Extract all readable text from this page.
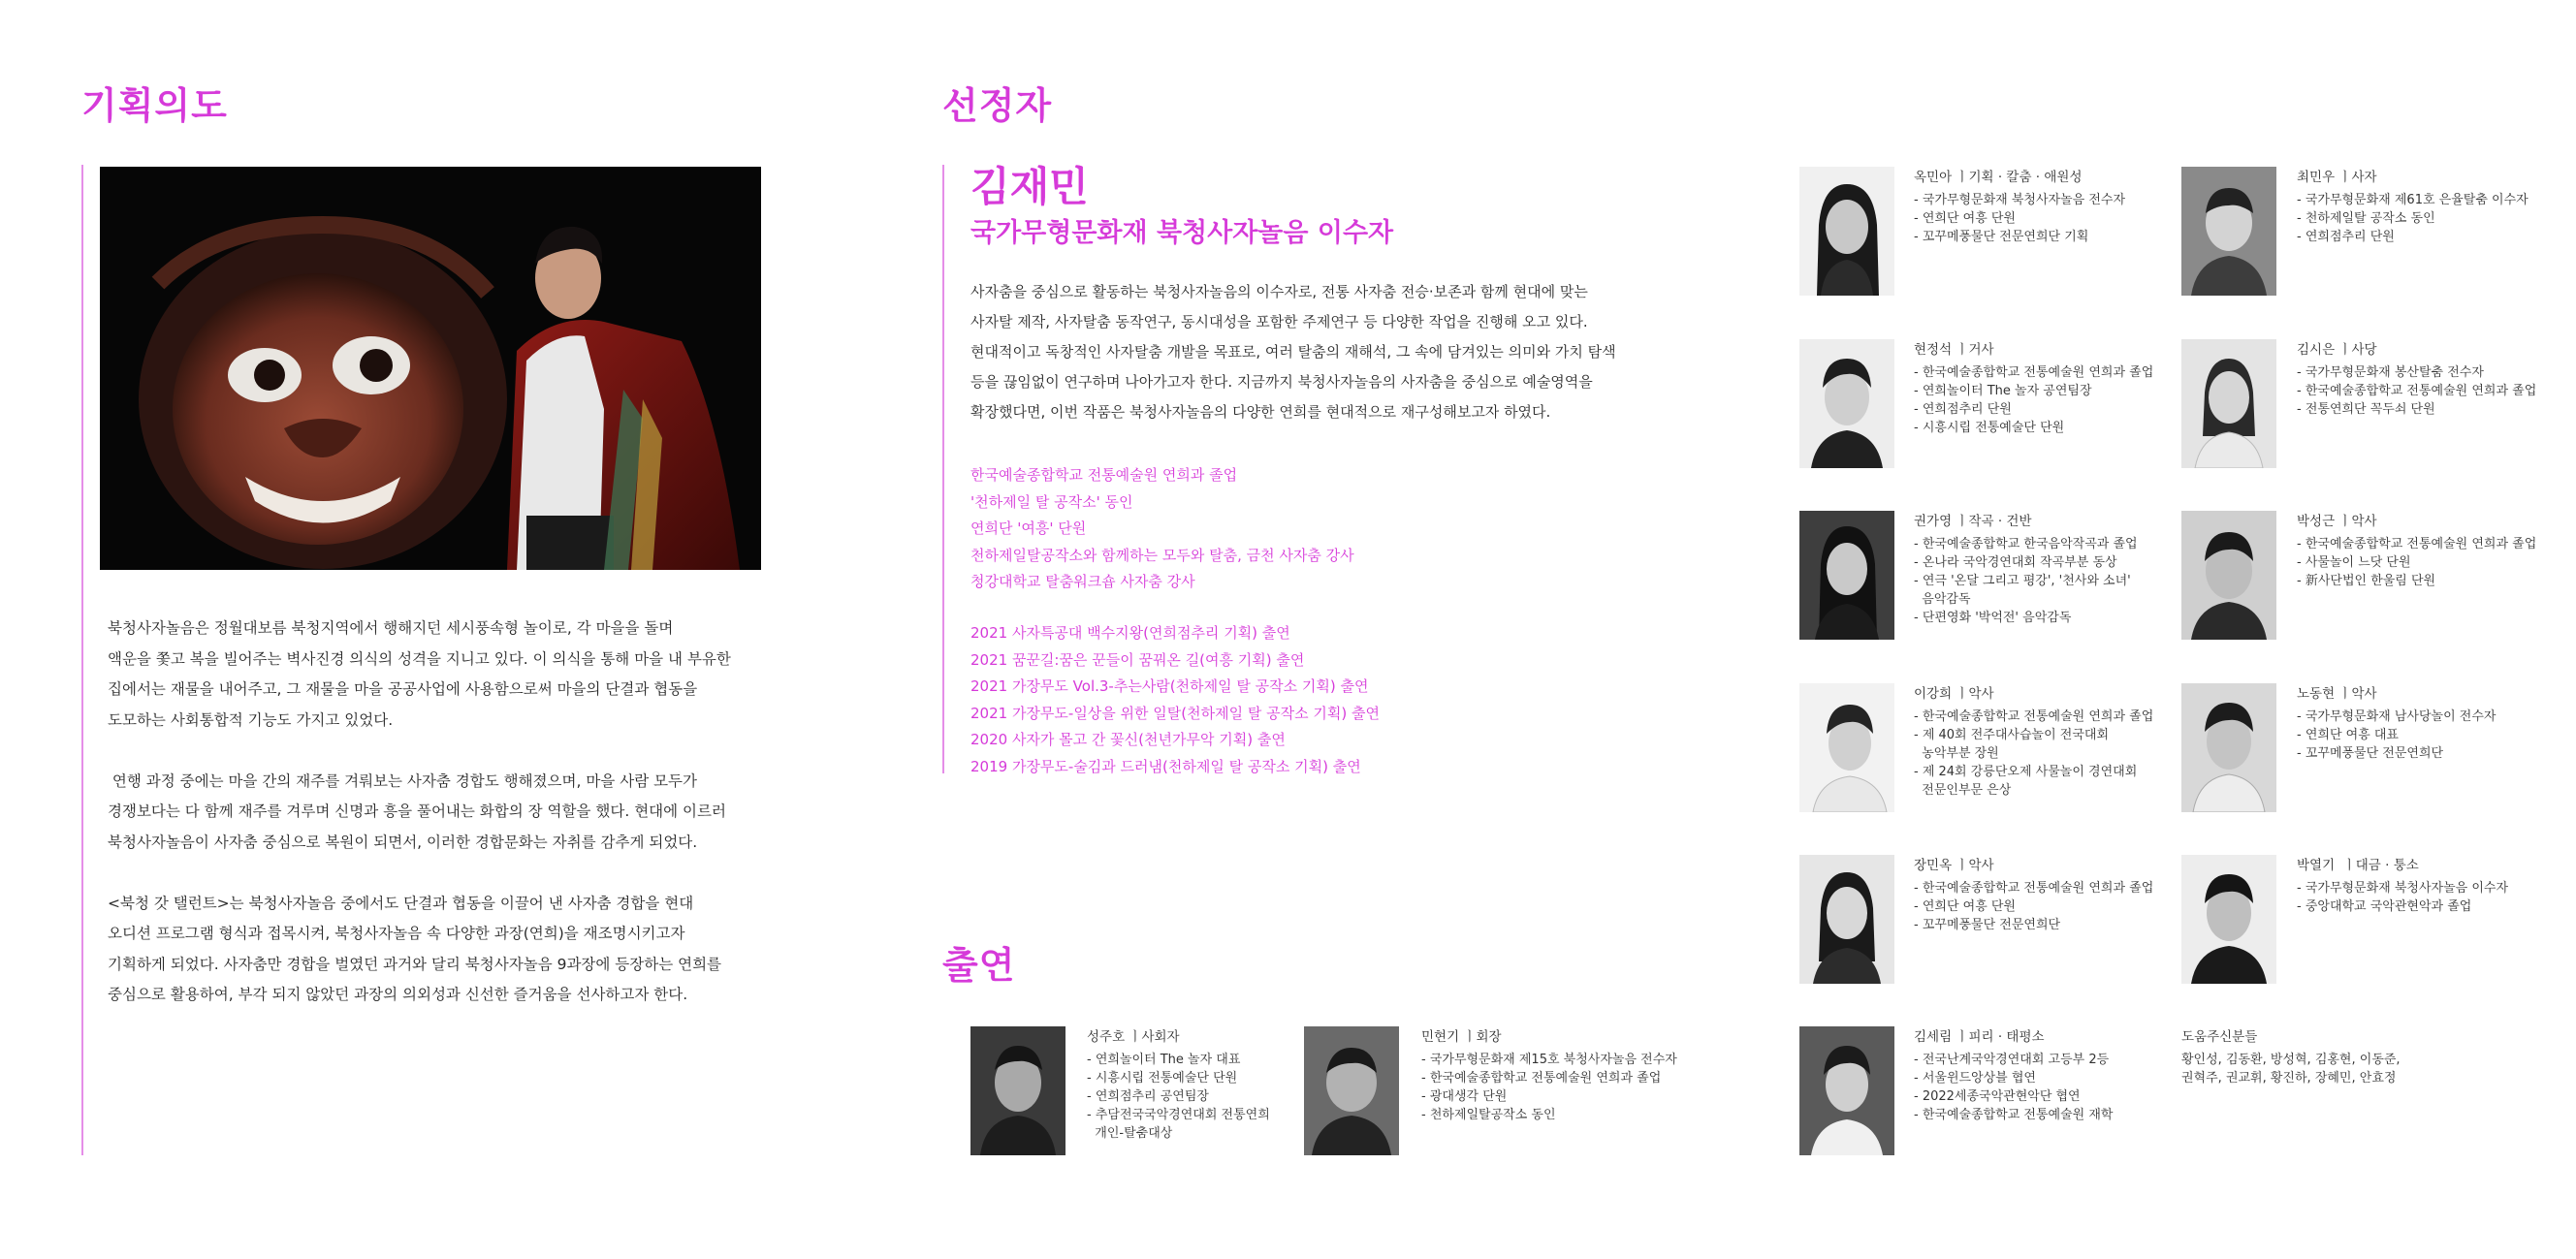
기획의도

북청사자놀음은 정월대보름 북청지역에서 행해지던 세시풍속형 놀이로, 각 마을을 돌며

액운을 쫓고 복을 빌어주는 벽사진경 의식의 성격을 지니고 있다. 이 의식을 통해 마을 내 부유한

집에서는 재물을 내어주고, 그 재물을 마을 공공사업에 사용함으로써 마을의 단결과 협동을

도모하는 사회통합적 기능도 가지고 있었다.

연행 과정 중에는 마을 간의 재주를 겨뤄보는 사자춤 경합도 행해졌으며, 마을 사람 모두가

경쟁보다는 다 함께 재주를 겨루며 신명과 흥을 풀어내는 화합의 장 역할을 했다. 현대에 이르러

북청사자놀음이 사자춤 중심으로 복원이 되면서, 이러한 경합문화는 자취를 감추게 되었다.

<북청 갓 탤런트>는 북청사자놀음 중에서도 단결과 협동을 이끌어 낸 사자춤 경합을 현대

오디션 프로그램 형식과 접목시켜, 북청사자놀음 속 다양한 과장(연희)을 재조명시키고자

기획하게 되었다. 사자춤만 경합을 벌였던 과거와 달리 북청사자놀음 9과장에 등장하는 연희를

중심으로 활용하여, 부각 되지 않았던 과장의 의외성과 신선한 즐거움을 선사하고자 한다.

선정자
김재민
국가무형문화재 북청사자놀음 이수자
사자춤을 중심으로 활동하는 북청사자놀음의 이수자로, 전통 사자춤 전승·보존과 함께 현대에 맞는
사자탈 제작, 사자탈춤 동작연구, 동시대성을 포함한 주제연구 등 다양한 작업을 진행해 오고 있다.
현대적이고 독창적인 사자탈춤 개발을 목표로, 여러 탈춤의 재해석, 그 속에 담겨있는 의미와 가치 탐색
등을 끊임없이 연구하며 나아가고자 한다. 지금까지 북청사자놀음의 사자춤을 중심으로 예술영역을
확장했다면, 이번 작품은 북청사자놀음의 다양한 연희를 현대적으로 재구성해보고자 하였다.
한국예술종합학교 전통예술원 연희과 졸업
'천하제일 탈 공작소' 동인
연희단 '여흥' 단원
천하제일탈공작소와 함께하는 모두와 탈춤, 금천 사자춤 강사
청강대학교 탈춤워크숍 사자춤 강사
2021 사자특공대 백수지왕(연희점추리 기획) 출연
2021 꿈꾼길:꿈은 꾼들이 꿈꿔온 길(여흥 기획) 출연
2021 가장무도 Vol.3-추는사람(천하제일 탈 공작소 기획) 출연
2021 가장무도-일상을 위한 일탈(천하제일 탈 공작소 기획) 출연
2020 사자가 몰고 간 꽃신(천년가무악 기획) 출연
2019 가장무도-술김과 드러냄(천하제일 탈 공작소 기획) 출연
출연
성주호 ㅣ사회자
- 연희놀이터 The 놀자 대표
- 시흥시립 전통예술단 단원
- 연희점추리 공연팀장
- 추담전국국악경연대회 전통연희
개인-탈춤대상
민현기 ㅣ회장
- 국가무형문화재 제15호 북청사자놀음 전수자
- 한국예술종합학교 전통예술원 연희과 졸업
- 광대생각 단원
- 천하제일탈공작소 동인
옥민아 ㅣ기획 · 칼춤 · 애원성
- 국가무형문화재 북청사자놀음 전수자
- 연희단 여흥 단원
- 꼬꾸메풍물단 전문연희단 기획
최민우 ㅣ사자
- 국가무형문화재 제61호 은율탈춤 이수자
- 천하제일탈 공작소 동인
- 연희점추리 단원
현정석 ㅣ거사
- 한국예술종합학교 전통예술원 연희과 졸업
- 연희놀이터 The 놀자 공연팀장
- 연희점추리 단원
- 시흥시립 전통예술단 단원
김시은 ㅣ사당
- 국가무형문화재 봉산탈춤 전수자
- 한국예술종합학교 전통예술원 연희과 졸업
- 전통연희단 꼭두쇠 단원
권가영 ㅣ작곡 · 건반
- 한국예술종합학교 한국음악작곡과 졸업
- 온나라 국악경연대회 작곡부분 동상
- 연극 '온달 그리고 평강', '천사와 소녀'
음악감독
- 단편영화 '박억전' 음악감독
박성근 ㅣ악사
- 한국예술종합학교 전통예술원 연희과 졸업
- 사물놀이 느닷 단원
- 新사단법인 한울림 단원
이강희 ㅣ악사
- 한국예술종합학교 전통예술원 연희과 졸업
- 제 40회 전주대사습놀이 전국대회
농악부분 장원
- 제 24회 강릉단오제 사물놀이 경연대회
전문인부문 은상
노동현 ㅣ악사
- 국가무형문화재 남사당놀이 전수자
- 연희단 여흥 대표
- 꼬꾸메풍물단 전문연희단
장민옥 ㅣ악사
- 한국예술종합학교 전통예술원 연희과 졸업
- 연희단 여흥 단원
- 꼬꾸메풍물단 전문연희단
박열기  ㅣ대금 · 퉁소
- 국가무형문화재 북청사자놀음 이수자
- 중앙대학교 국악관현악과 졸업
김세림 ㅣ피리 · 태평소
- 전국난계국악경연대회 고등부 2등
- 서울윈드앙상블 협연
- 2022세종국악관현악단 협연
- 한국예술종합학교 전통예술원 재학
도움주신분들
황인성, 김동환, 방성혁, 김홍현, 이동준,
권혁주, 권교휘, 황진하, 장혜민, 안효정
